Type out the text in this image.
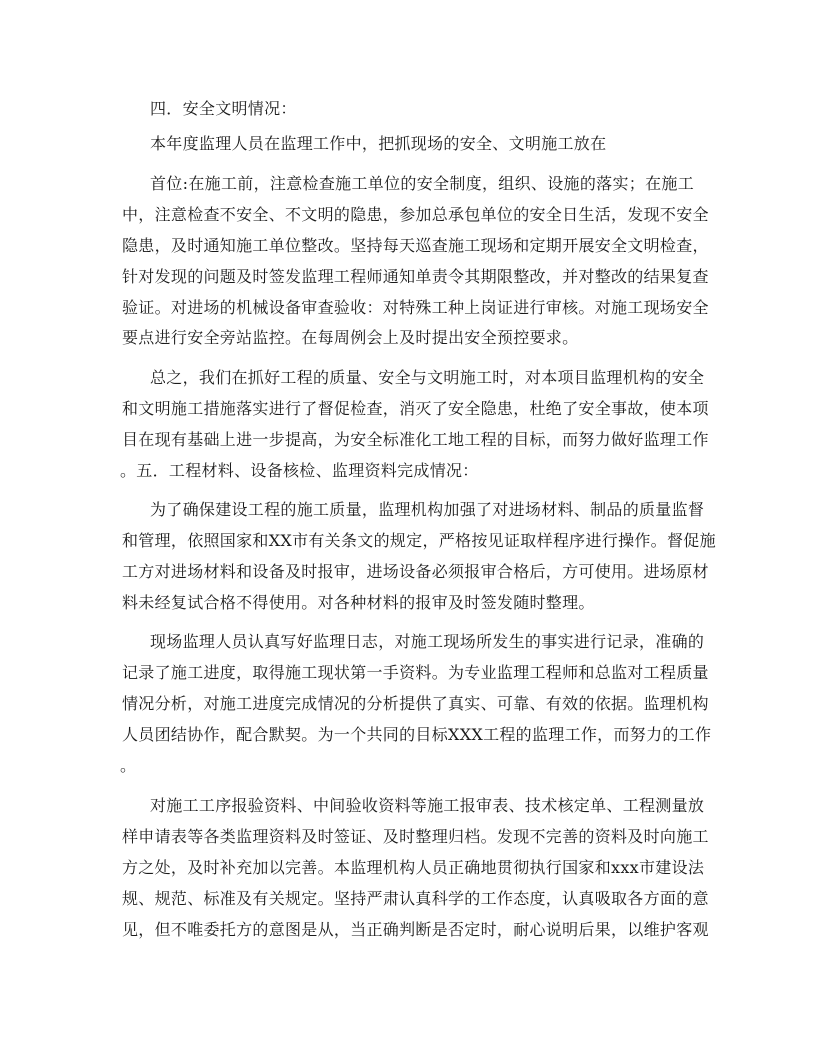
四．安全文明情况：
本年度监理人员在监理工作中，把抓现场的安全、文明施工放在
首位:在施工前，注意检查施工单位的安全制度，组织、设施的落实；在施工
中，注意检查不安全、不文明的隐患，参加总承包单位的安全日生活，发现不安全
隐患，及时通知施工单位整改。坚持每天巡查施工现场和定期开展安全文明检查，
针对发现的问题及时签发监理工程师通知单责令其期限整改，并对整改的结果复查
验证。对进场的机械设备审查验收：对特殊工种上岗证进行审核。对施工现场安全
要点进行安全旁站监控。在每周例会上及时提出安全预控要求。
总之，我们在抓好工程的质量、安全与文明施工时，对本项目监理机构的安全
和文明施工措施落实进行了督促检查，消灭了安全隐患，杜绝了安全事故，使本项
目在现有基础上进一步提高，为安全标准化工地工程的目标，而努力做好监理工作
。五．工程材料、设备核检、监理资料完成情况：
为了确保建设工程的施工质量，监理机构加强了对进场材料、制品的质量监督
和管理，依照国家和XX市有关条文的规定，严格按见证取样程序进行操作。督促施
工方对进场材料和设备及时报审，进场设备必须报审合格后，方可使用。进场原材
料未经复试合格不得使用。对各种材料的报审及时签发随时整理。
现场监理人员认真写好监理日志，对施工现场所发生的事实进行记录，准确的
记录了施工进度，取得施工现状第一手资料。为专业监理工程师和总监对工程质量
情况分析，对施工进度完成情况的分析提供了真实、可靠、有效的依据。监理机构
人员团结协作，配合默契。为一个共同的目标XXX工程的监理工作，而努力的工作
。
对施工工序报验资料、中间验收资料等施工报审表、技术核定单、工程测量放
样申请表等各类监理资料及时签证、及时整理归档。发现不完善的资料及时向施工
方之处，及时补充加以完善。本监理机构人员正确地贯彻执行国家和xxx市建设法
规、规范、标准及有关规定。坚持严肃认真科学的工作态度，认真吸取各方面的意
见，但不唯委托方的意图是从，当正确判断是否定时，耐心说明后果，以维护客观
